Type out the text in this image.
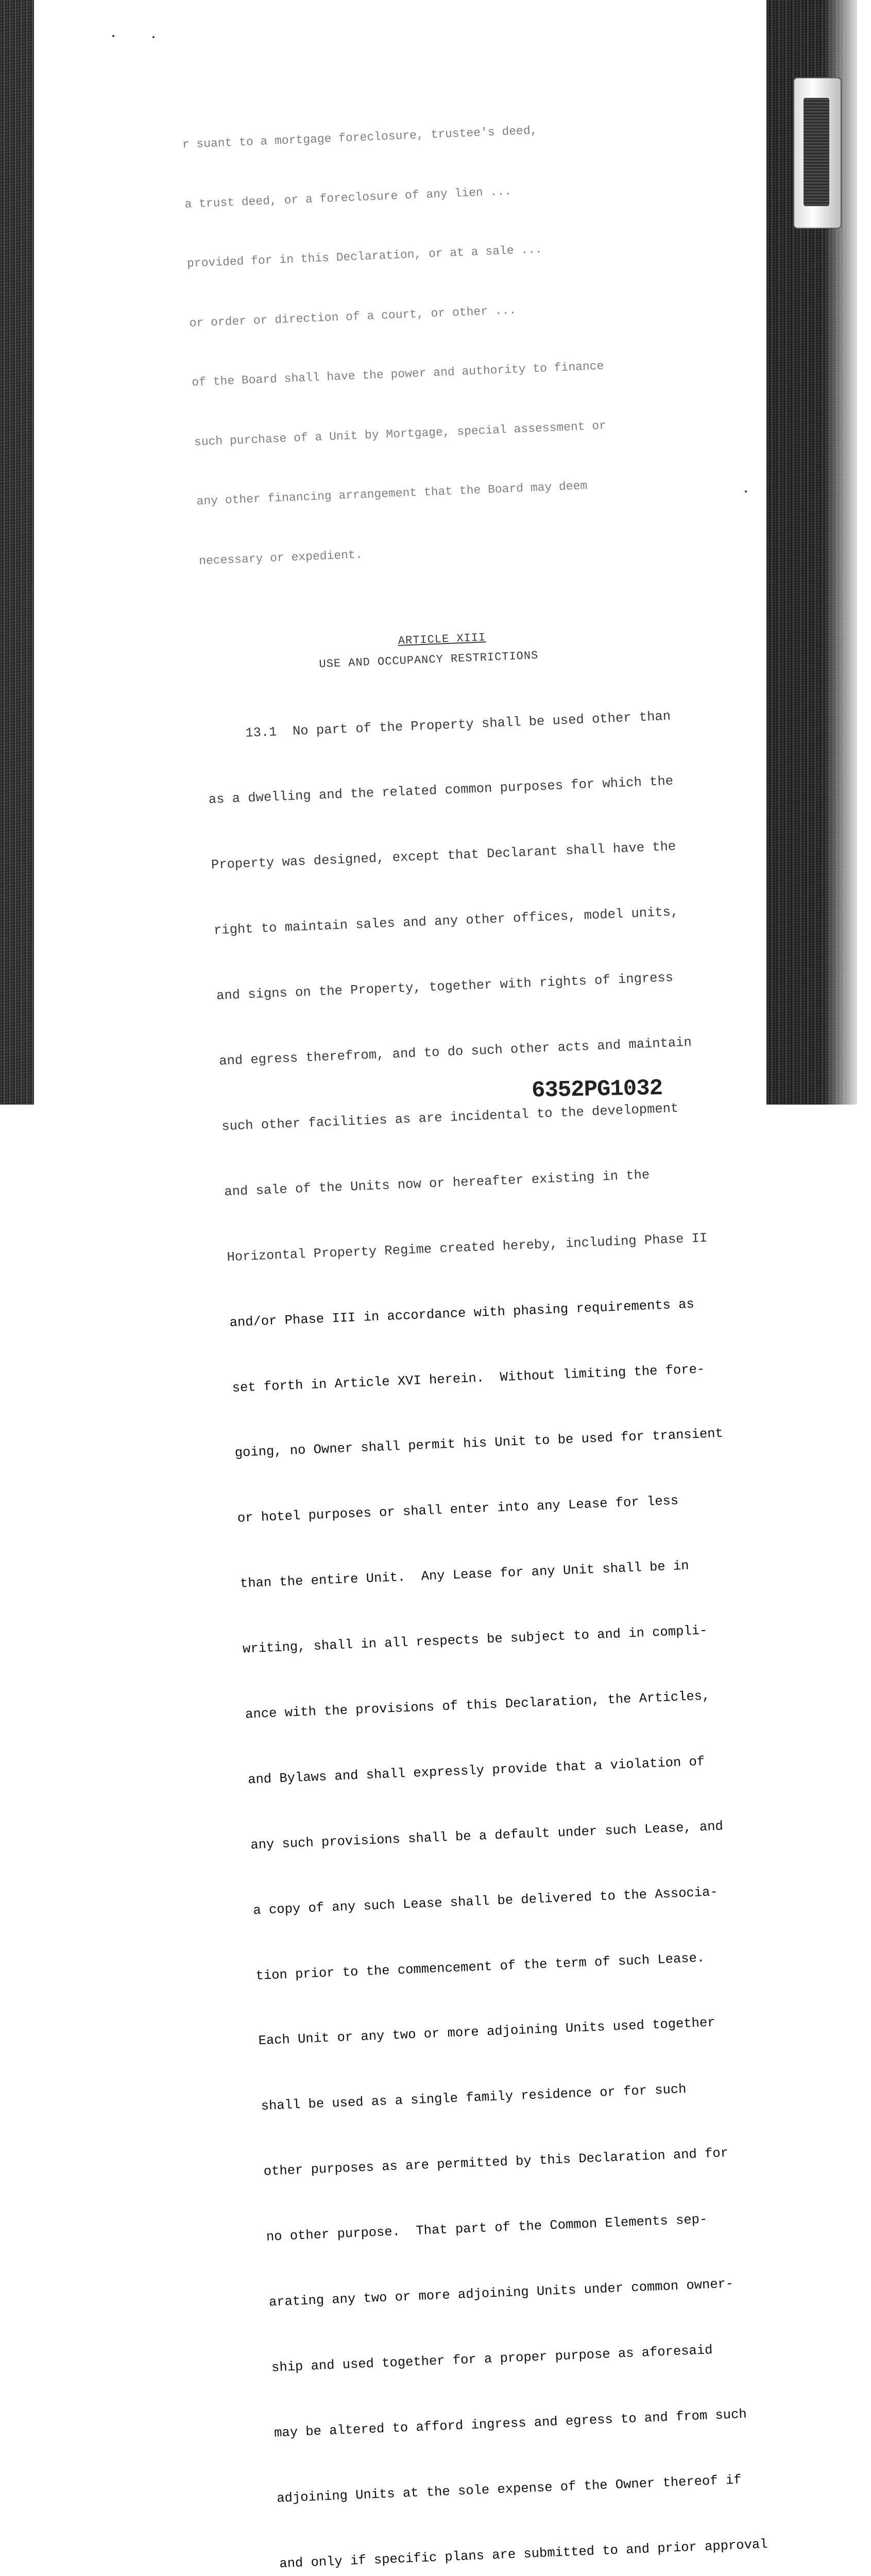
r suant to a mortgage foreclosure, trustee's deed,

a trust deed, or a foreclosure of any lien ...

provided for in this Declaration, or at a sale ...

or order or direction of a court, or other ...

of the Board shall have the power and authority to finance

such purchase of a Unit by Mortgage, special assessment or

any other financing arrangement that the Board may deem

necessary or expedient.

ARTICLE XIII
USE AND OCCUPANCY RESTRICTIONS

13.1  No part of the Property shall be used other than

as a dwelling and the related common purposes for which the

Property was designed, except that Declarant shall have the

right to maintain sales and any other offices, model units,

and signs on the Property, together with rights of ingress

and egress therefrom, and to do such other acts and maintain

such other facilities as are incidental to the development

and sale of the Units now or hereafter existing in the

Horizontal Property Regime created hereby, including Phase II

and/or Phase III in accordance with phasing requirements as

set forth in Article XVI herein.  Without limiting the fore-

going, no Owner shall permit his Unit to be used for transient

or hotel purposes or shall enter into any Lease for less

than the entire Unit.  Any Lease for any Unit shall be in

writing, shall in all respects be subject to and in compli-

ance with the provisions of this Declaration, the Articles,

and Bylaws and shall expressly provide that a violation of

any such provisions shall be a default under such Lease, and

a copy of any such Lease shall be delivered to the Associa-

tion prior to the commencement of the term of such Lease.

Each Unit or any two or more adjoining Units used together

shall be used as a single family residence or for such

other purposes as are permitted by this Declaration and for

no other purpose.  That part of the Common Elements sep-

arating any two or more adjoining Units under common owner-

ship and used together for a proper purpose as aforesaid

may be altered to afford ingress and egress to and from such

adjoining Units at the sole expense of the Owner thereof if

and only if specific plans are submitted to and prior approval

6352PG1032
